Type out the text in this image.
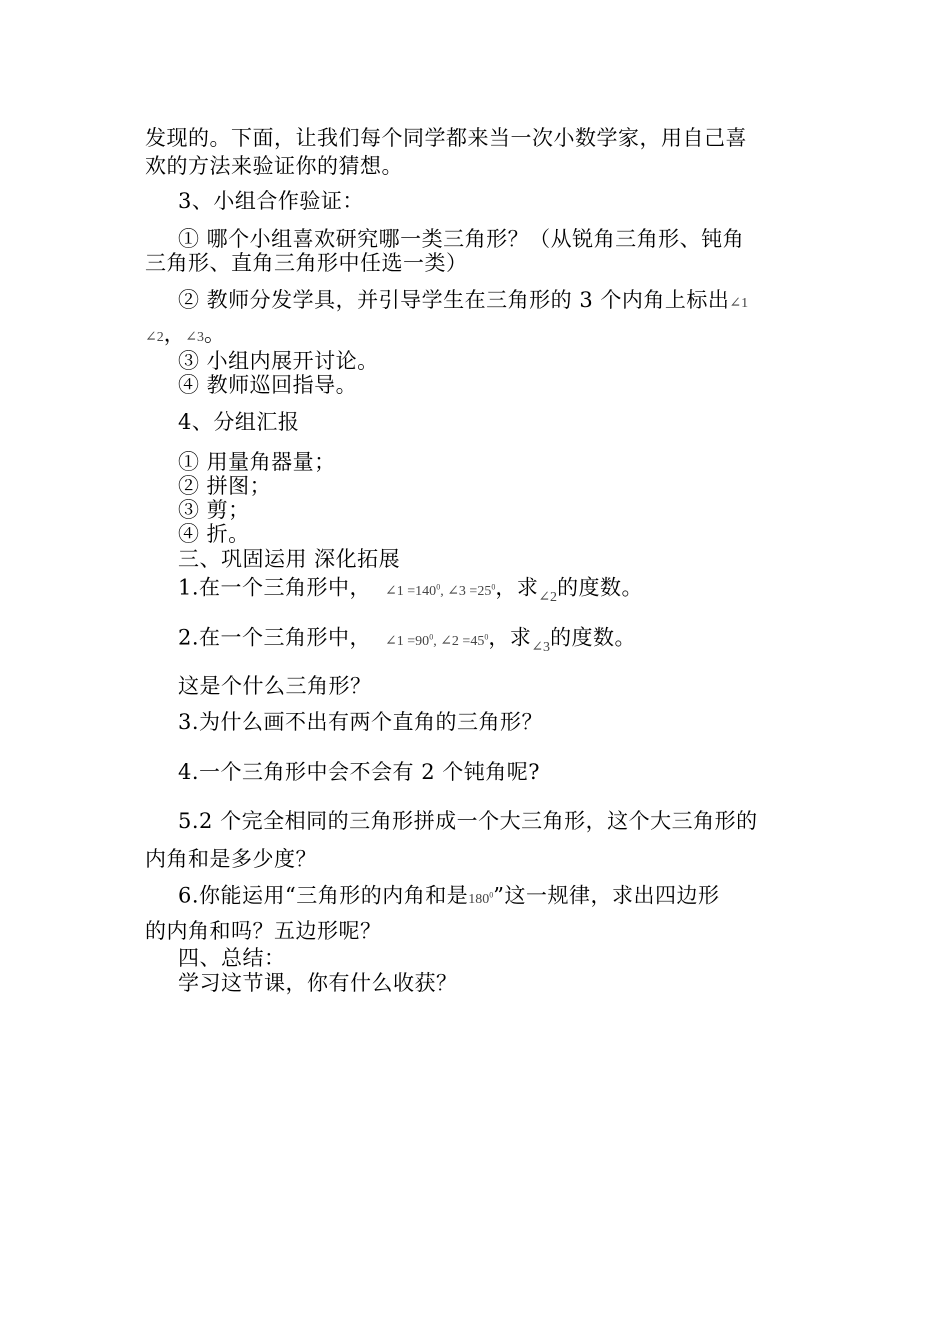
发现的。下面，让我们每个同学都来当一次小数学家，用自己喜
欢的方法来验证你的猜想。
3、小组合作验证：
① 哪个小组喜欢研究哪一类三角形？（从锐角三角形、钝角
三角形、直角三角形中任选一类）
② 教师分发学具，并引导学生在三角形的 3 个内角上标出∠1
∠2，∠3。
③ 小组内展开讨论。
④ 教师巡回指导。
4、分组汇报
① 用量角器量；
② 拼图；
③ 剪；
④ 折。
三、巩固运用 深化拓展
1.在一个三角形中， ∠1 $=140^0$, ∠3 $=25^0$，求$_{\angle 2}$的度数。
2.在一个三角形中， ∠1 $=90^0$, ∠2 $=45^0$，求$_{\angle 3}$的度数。
这是个什么三角形？
3.为什么画不出有两个直角的三角形？
4.一个三角形中会不会有 2 个钝角呢?
5.2 个完全相同的三角形拼成一个大三角形，这个大三角形的
内角和是多少度？
6.你能运用“三角形的内角和是$180^0$”这一规律，求出四边形
的内角和吗？五边形呢？
四、总结：
学习这节课，你有什么收获？
